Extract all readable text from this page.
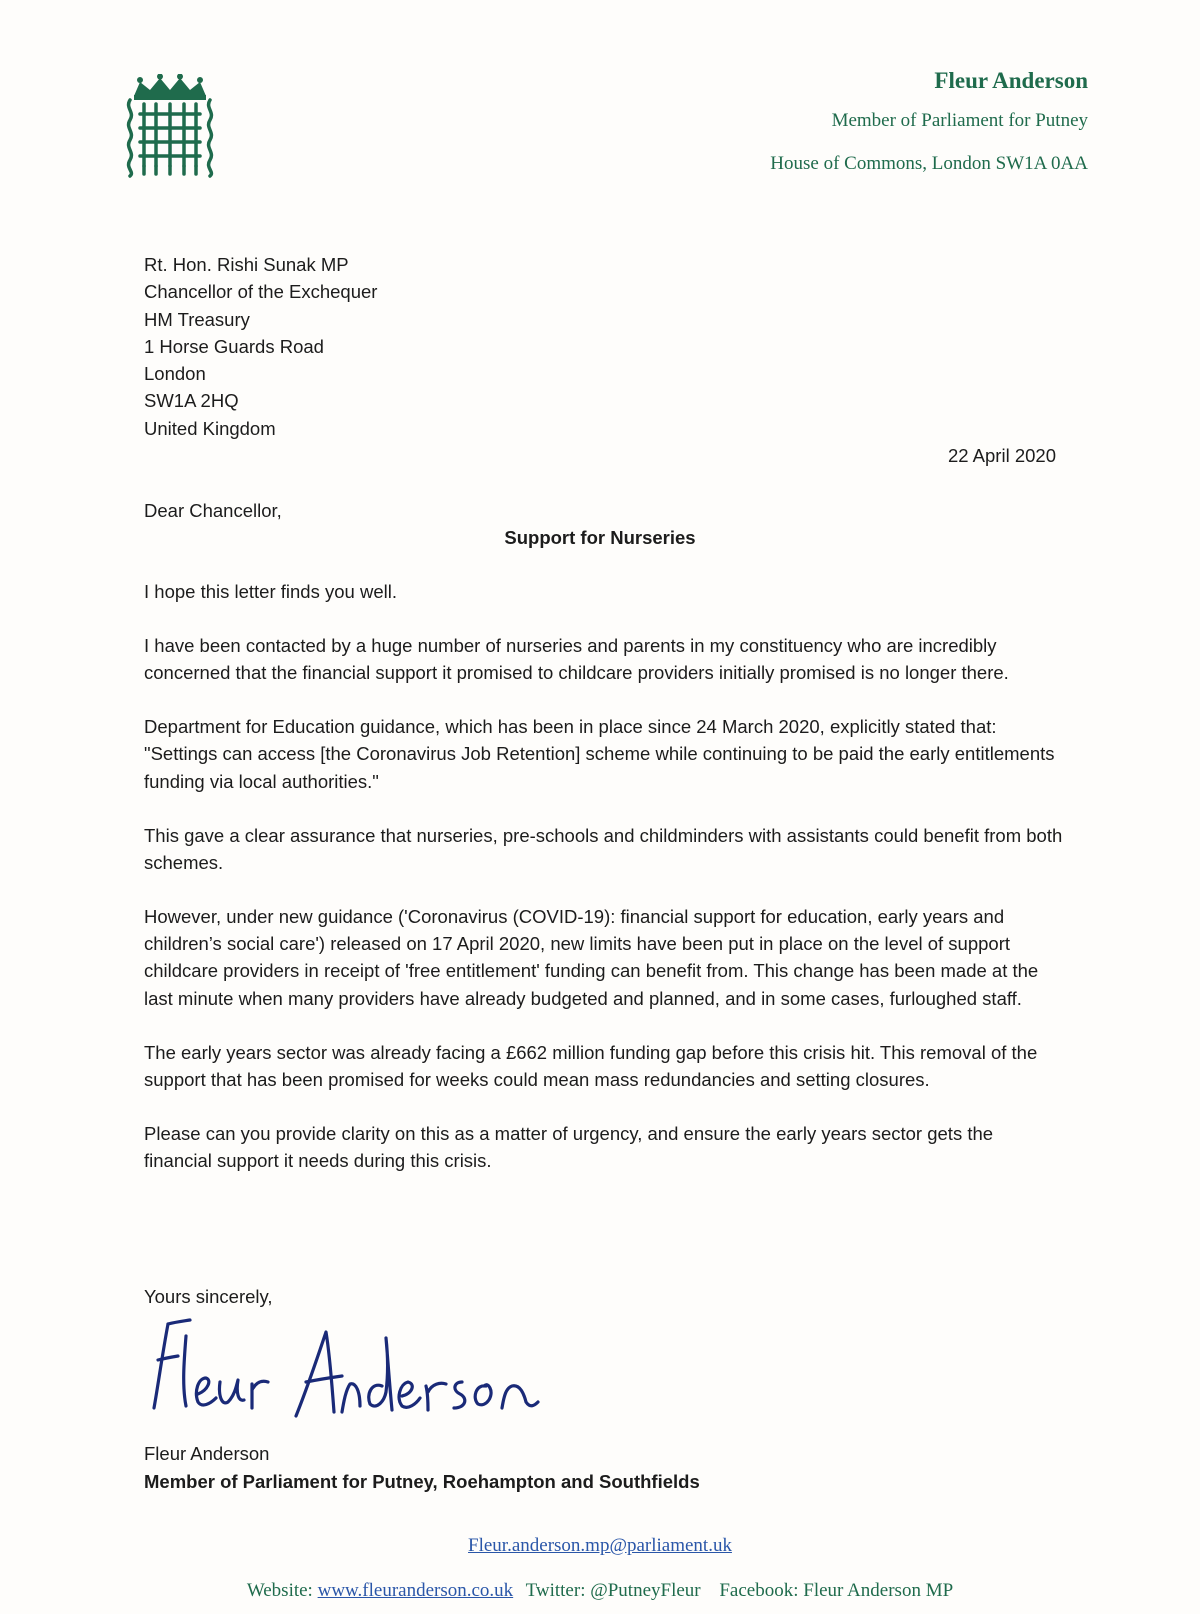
Fleur Anderson
Member of Parliament for Putney
House of Commons, London SW1A 0AA
Rt. Hon. Rishi Sunak MP
Chancellor of the Exchequer
HM Treasury
1 Horse Guards Road
London
SW1A 2HQ
United Kingdom
22 April 2020
Dear Chancellor,
Support for Nurseries

I hope this letter finds you well.

I have been contacted by a huge number of nurseries and parents in my constituency who are incredibly concerned that the financial support it promised to childcare providers initially promised is no longer there.

Department for Education guidance, which has been in place since 24 March 2020, explicitly stated that: "Settings can access [the Coronavirus Job Retention] scheme while continuing to be paid the early entitlements funding via local authorities."

This gave a clear assurance that nurseries, pre-schools and childminders with assistants could benefit from both schemes.

However, under new guidance ('Coronavirus (COVID-19): financial support for education, early years and children’s social care') released on 17 April 2020, new limits have been put in place on the level of support childcare providers in receipt of 'free entitlement' funding can benefit from. This change has been made at the last minute when many providers have already budgeted and planned, and in some cases, furloughed staff.

The early years sector was already facing a £662 million funding gap before this crisis hit. This removal of the support that has been promised for weeks could mean mass redundancies and setting closures.

Please can you provide clarity on this as a matter of urgency, and ensure the early years sector gets the financial support it needs during this crisis.

Yours sincerely,
Fleur Anderson
Member of Parliament for Putney, Roehampton and Southfields
Fleur.anderson.mp@parliament.uk
Website: www.fleuranderson.co.uk Twitter: @PutneyFleur Facebook: Fleur Anderson MP
